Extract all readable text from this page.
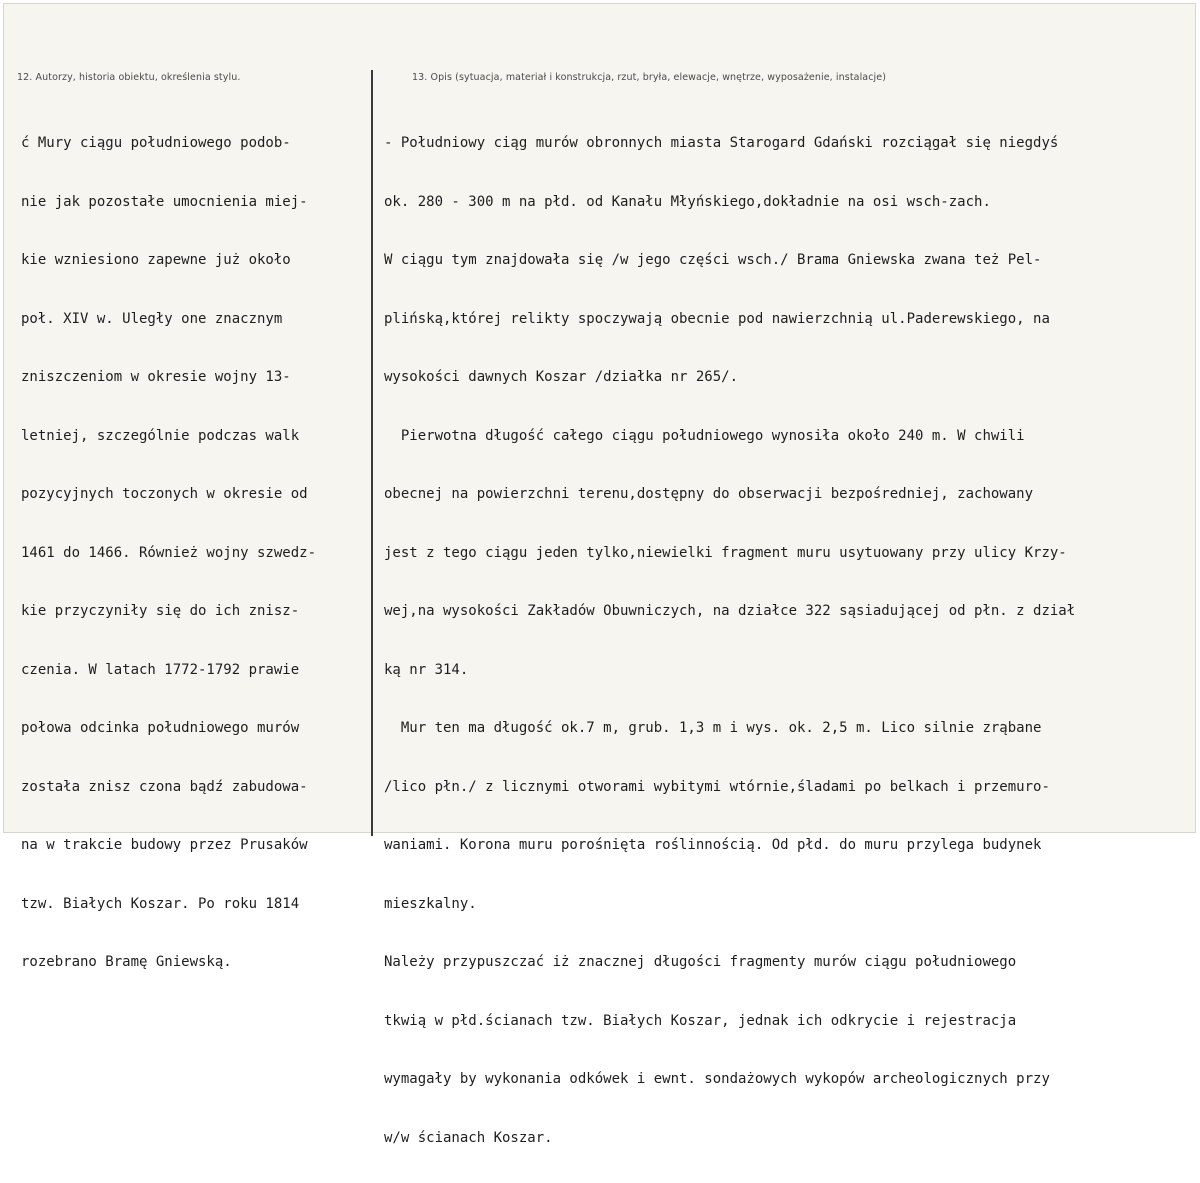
12. Autorzy, historia obiektu, określenia stylu.	13. Opis (sytuacja, materiał i konstrukcja, rzut, bryła, elewacje, wnętrze, wyposażenie, instalacje)

ć Mury ciągu południowego podob-

nie jak pozostałe umocnienia miej-

kie wzniesiono zapewne już około

poł. XIV w. Uległy one znacznym

zniszczeniom w okresie wojny 13-

letniej, szczególnie podczas walk

pozycyjnych toczonych w okresie od

1461 do 1466. Również wojny szwedz-

kie przyczyniły się do ich znisz-

czenia. W latach 1772-1792 prawie

połowa odcinka południowego murów

została znisz czona bądź zabudowa-

na w trakcie budowy przez Prusaków

tzw. Białych Koszar. Po roku 1814

rozebrano Bramę Gniewską.

- Południowy ciąg murów obronnych miasta Starogard Gdański rozciągał się niegdyś

ok. 280 - 300 m na płd. od Kanału Młyńskiego,dokładnie na osi wsch-zach.

W ciągu tym znajdowała się /w jego części wsch./ Brama Gniewska zwana też Pel-

plińską,której relikty spoczywają obecnie pod nawierzchnią ul.Paderewskiego, na

wysokości dawnych Koszar /działka nr 265/.

Pierwotna długość całego ciągu południowego wynosiła około 240 m. W chwili

obecnej na powierzchni terenu,dostępny do obserwacji bezpośredniej, zachowany

jest z tego ciągu jeden tylko,niewielki fragment muru usytuowany przy ulicy Krzy-

wej,na wysokości Zakładów Obuwniczych, na działce 322 sąsiadującej od płn. z dział

ką nr 314.

Mur ten ma długość ok.7 m, grub. 1,3 m i wys. ok. 2,5 m. Lico silnie zrąbane

/lico płn./ z licznymi otworami wybitymi wtórnie,śladami po belkach i przemuro-

waniami. Korona muru porośnięta roślinnością. Od płd. do muru przylega budynek

mieszkalny.

Należy przypuszczać iż znacznej długości fragmenty murów ciągu południowego

tkwią w płd.ścianach tzw. Białych Koszar, jednak ich odkrycie i rejestracja

wymagały by wykonania odkówek i ewnt. sondażowych wykopów archeologicznych przy

w/w ścianach Koszar.
